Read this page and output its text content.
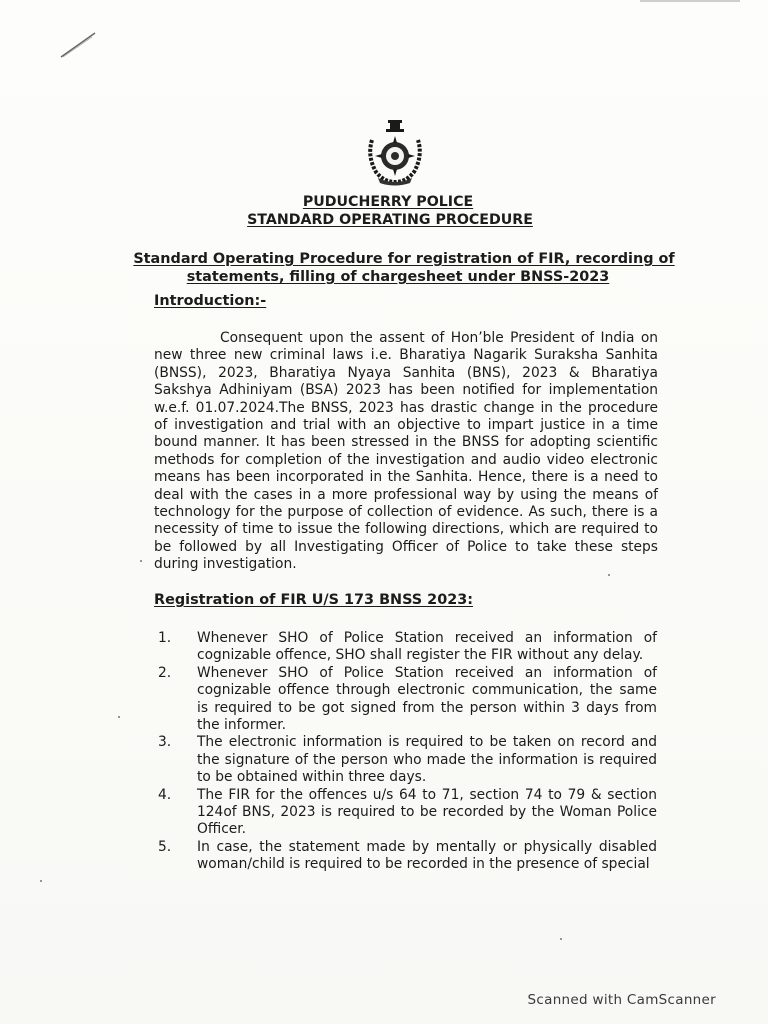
PUDUCHERRY POLICE
STANDARD OPERATING PROCEDURE
Standard Operating Procedure for registration of FIR, recording of
statements, filling of chargesheet under BNSS-2023
Introduction:-

Consequent upon the assent of Hon’ble President of India on new three new criminal laws i.e. Bharatiya Nagarik Suraksha Sanhita (BNSS), 2023, Bharatiya Nyaya Sanhita (BNS), 2023 & Bharatiya Sakshya Adhiniyam (BSA) 2023 has been notified for implementation w.e.f. 01.07.2024.The BNSS, 2023 has drastic change in the procedure of investigation and trial with an objective to impart justice in a time bound manner. It has been stressed in the BNSS for adopting scientific methods for completion of the investigation and audio video electronic means has been incorporated in the Sanhita. Hence, there is a need to deal with the cases in a more professional way by using the means of technology for the purpose of collection of evidence. As such, there is a necessity of time to issue the following directions, which are required to be followed by all Investigating Officer of Police to take these steps during investigation.

Registration of FIR U/S 173 BNSS 2023:
1.	Whenever SHO of Police Station received an information of cognizable offence, SHO shall register the FIR without any delay.
2.	Whenever SHO of Police Station received an information of cognizable offence through electronic communication, the same is required to be got signed from the person within 3 days from the informer.
3.	The electronic information is required to be taken on record and the signature of the person who made the information is required to be obtained within three days.
4.	The FIR for the offences u/s 64 to 71, section 74 to 79 & section 124of BNS, 2023 is required to be recorded by the Woman Police Officer.
5.	In case, the statement made by mentally or physically disabled woman/child is required to be recorded in the presence of special
Scanned with CamScanner
